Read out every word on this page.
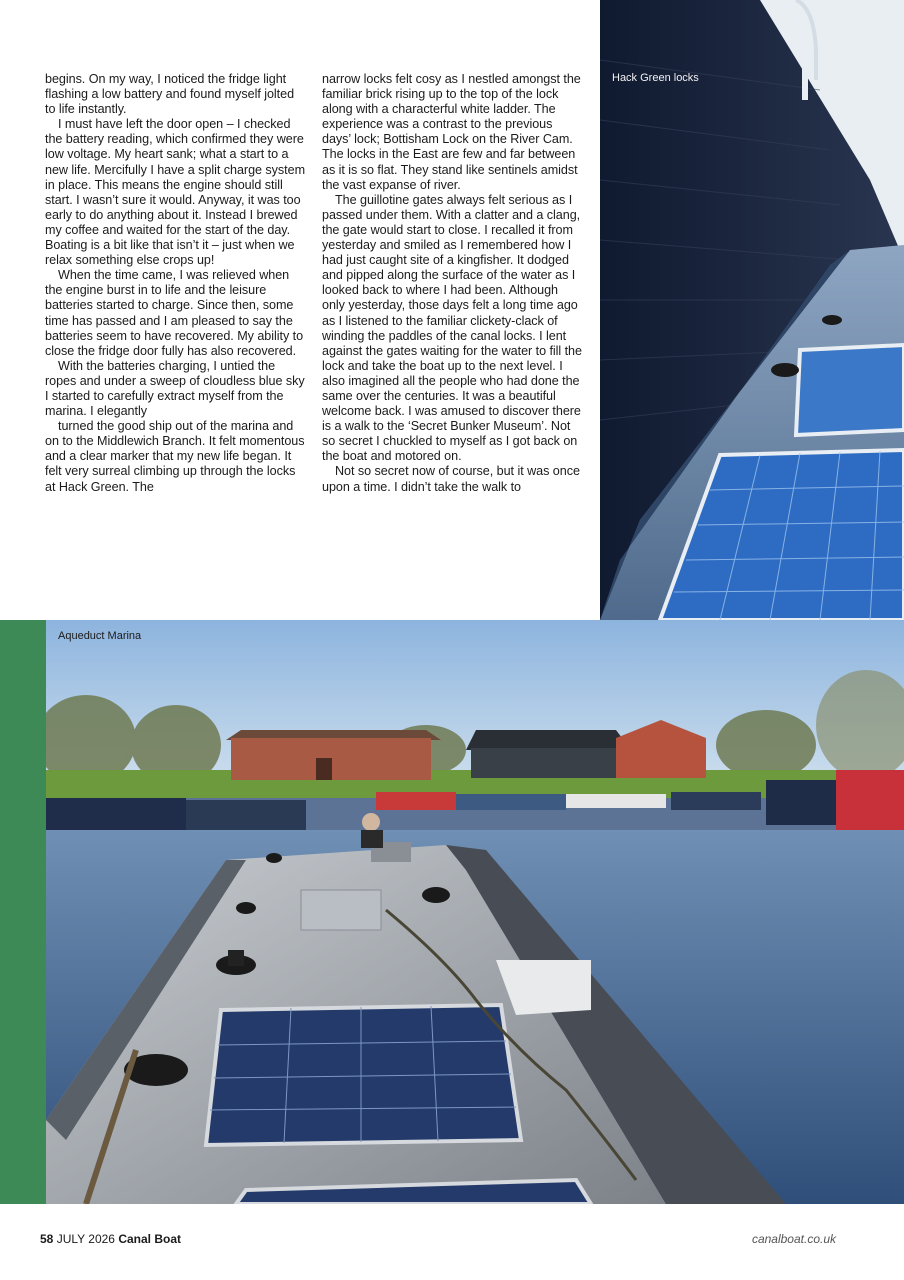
begins. On my way, I noticed the fridge light flashing a low battery and found myself jolted to life instantly.

I must have left the door open – I checked the battery reading, which confirmed they were low voltage. My heart sank; what a start to a new life. Mercifully I have a split charge system in place. This means the engine should still start. I wasn’t sure it would. Anyway, it was too early to do anything about it. Instead I brewed my coffee and waited for the start of the day. Boating is a bit like that isn’t it – just when we relax something else crops up!

When the time came, I was relieved when the engine burst in to life and the leisure batteries started to charge. Since then, some time has passed and I am pleased to say the batteries seem to have recovered. My ability to close the fridge door fully has also recovered.

With the batteries charging, I untied the ropes and under a sweep of cloudless blue sky I started to carefully extract myself from the marina. I elegantly

turned the good ship out of the marina and on to the Middlewich Branch. It felt momentous and a clear marker that my new life began. It felt very surreal climbing up through the locks at Hack Green. The

narrow locks felt cosy as I nestled amongst the familiar brick rising up to the top of the lock along with a characterful white ladder. The experience was a contrast to the previous days’ lock; Bottisham Lock on the River Cam. The locks in the East are few and far between as it is so flat. They stand like sentinels amidst the vast expanse of river.

The guillotine gates always felt serious as I passed under them. With a clatter and a clang, the gate would start to close. I recalled it from yesterday and smiled as I remembered how I had just caught site of a kingfisher. It dodged and pipped along the surface of the water as I looked back to where I had been. Although only yesterday, those days felt a long time ago as I listened to the familiar clickety-clack of winding the paddles of the canal locks. I lent against the gates waiting for the water to fill the lock and take the boat up to the next level. I also imagined all the people who had done the same over the centuries. It was a beautiful welcome back. I was amused to discover there is a walk to the ‘Secret Bunker Museum’. Not so secret I chuckled to myself as I got back on the boat and motored on.

Not so secret now of course, but it was once upon a time. I didn’t take the walk to

Hack Green locks
Aqueduct Marina
58 JULY 2026 Canal Boat	canalboat.co.uk
